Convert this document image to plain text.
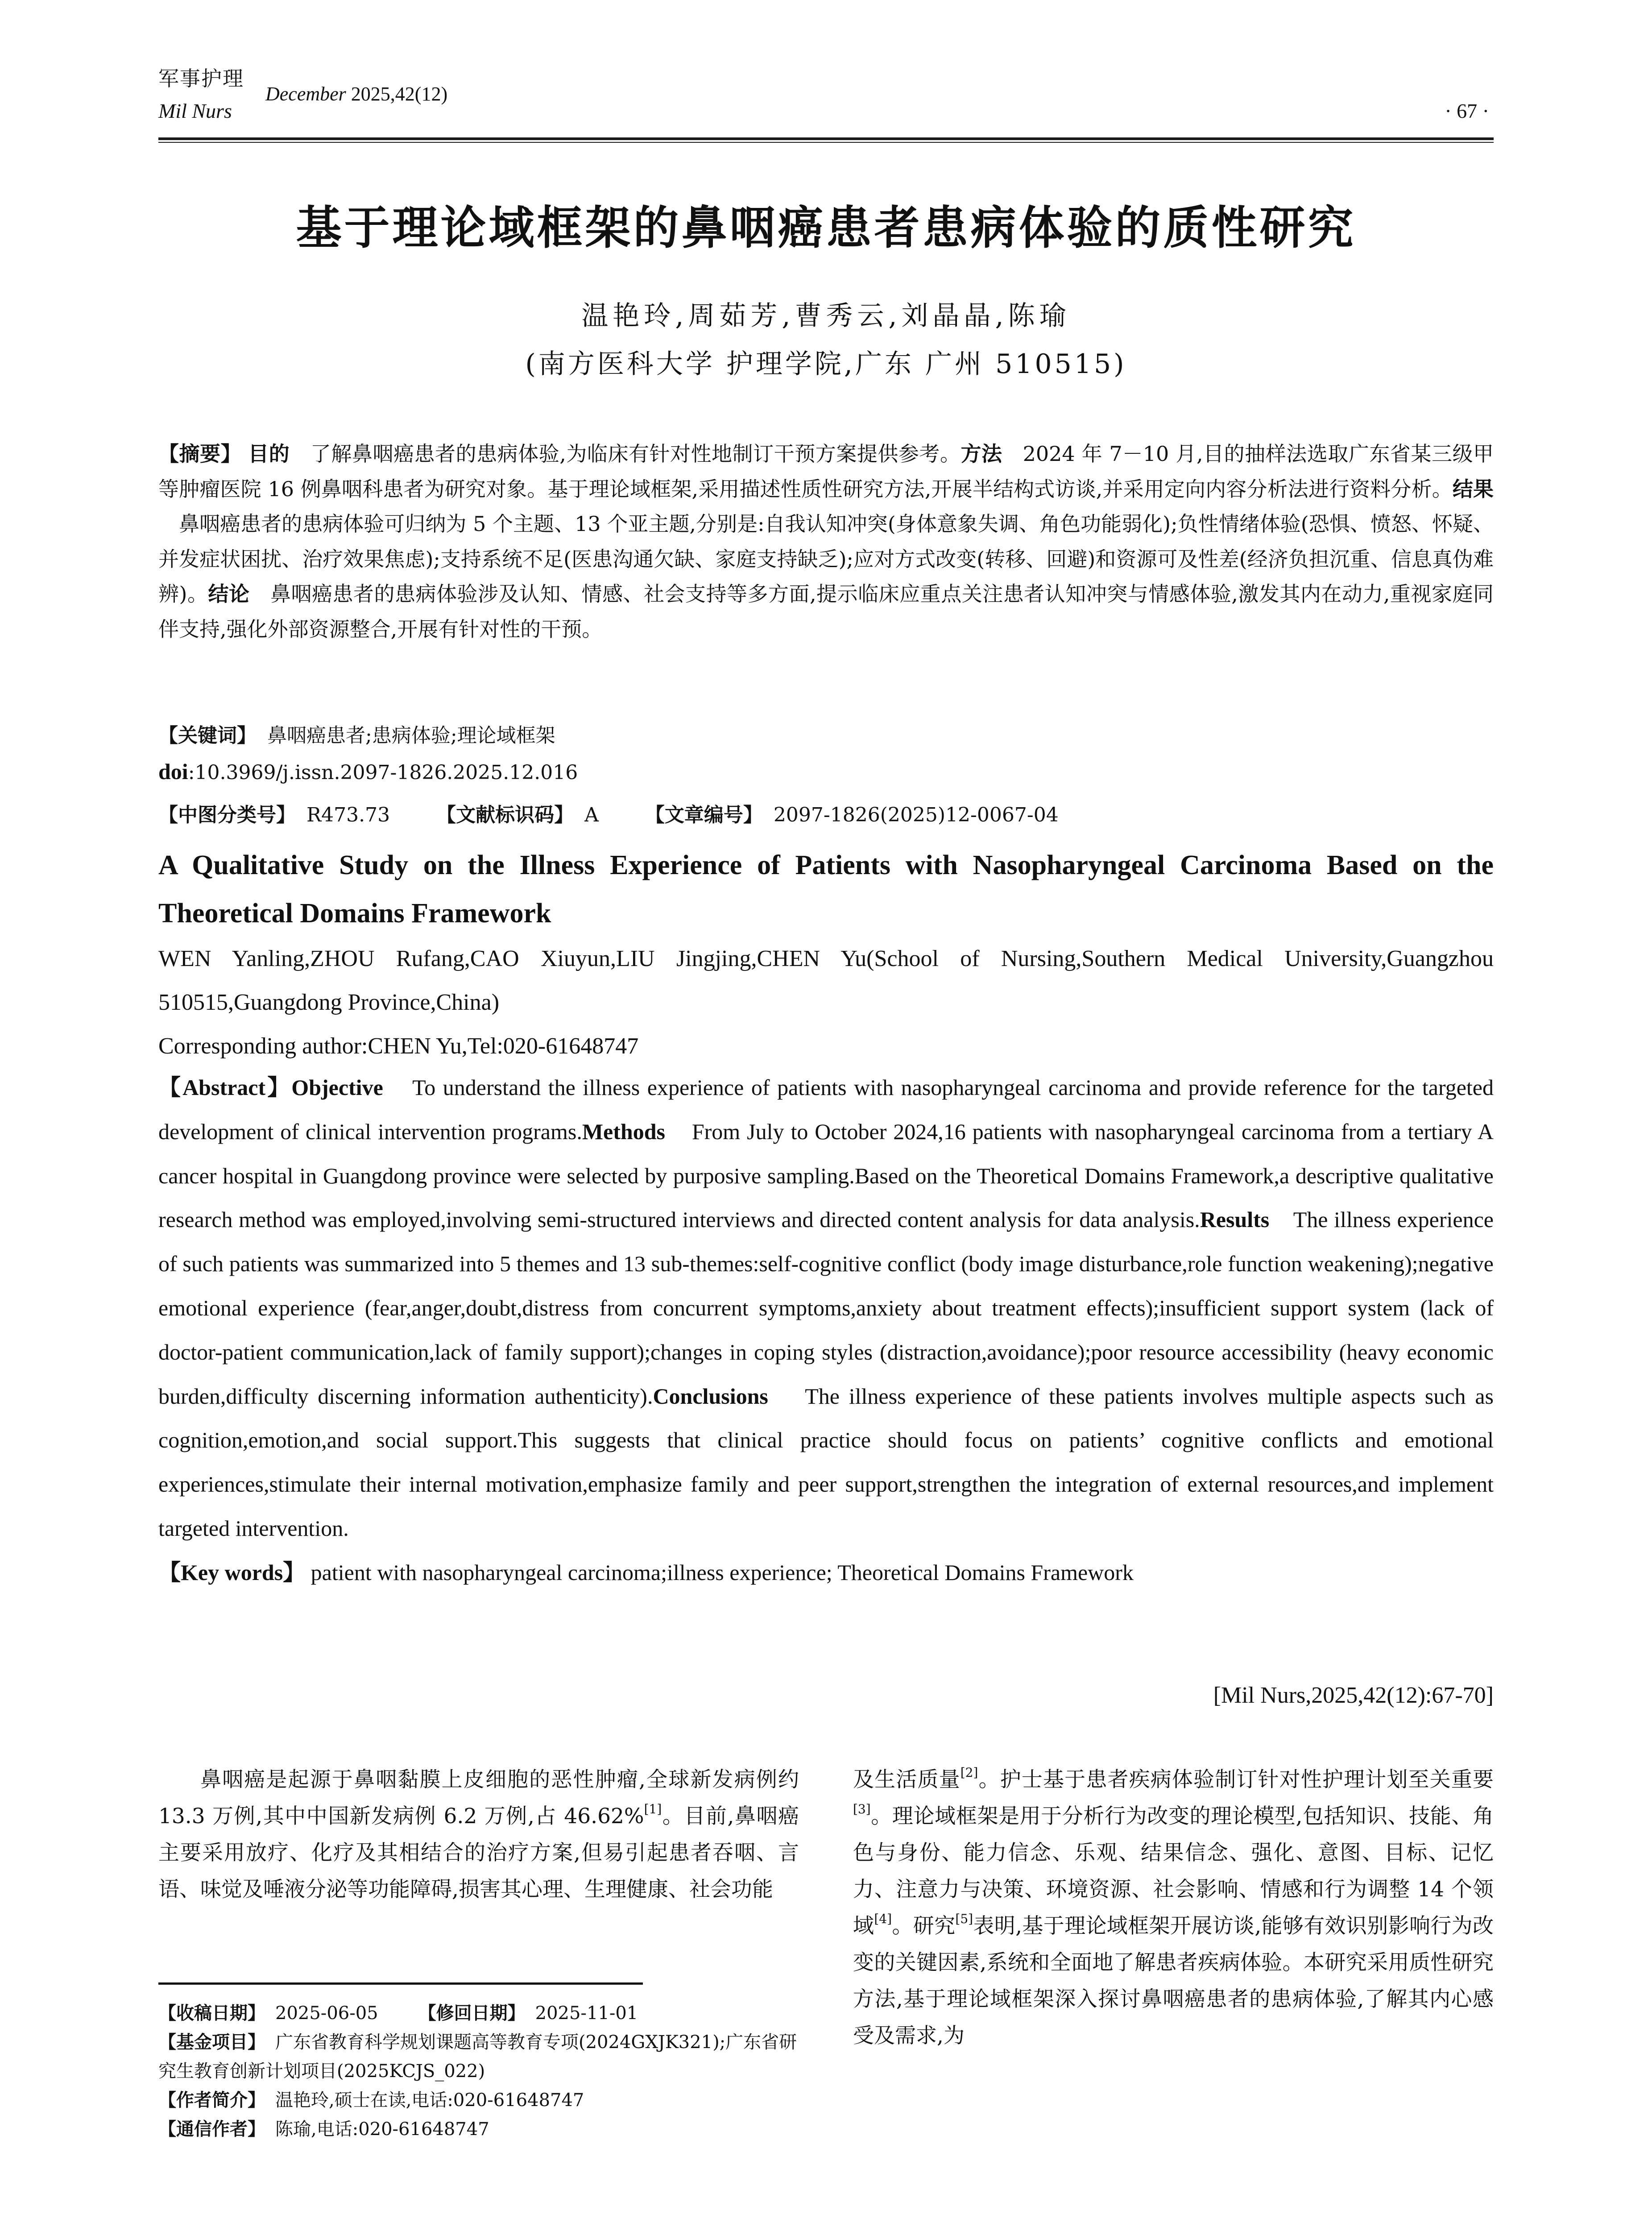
军事护理
December 2025,42(12)
Mil Nurs	· 67 ·
基于理论域框架的鼻咽癌患者患病体验的质性研究
温艳玲,周茹芳,曹秀云,刘晶晶,陈瑜
(南方医科大学 护理学院,广东 广州 510515)
【摘要】 目的 了解鼻咽癌患者的患病体验,为临床有针对性地制订干预方案提供参考。方法 2024 年 7－10 月,目的抽样法选取广东省某三级甲等肿瘤医院 16 例鼻咽科患者为研究对象。基于理论域框架,采用描述性质性研究方法,开展半结构式访谈,并采用定向内容分析法进行资料分析。结果鼻咽癌患者的患病体验可归纳为 5 个主题、13 个亚主题,分别是:自我认知冲突(身体意象失调、角色功能弱化);负性情绪体验(恐惧、愤怒、怀疑、并发症状困扰、治疗效果焦虑);支持系统不足(医患沟通欠缺、家庭支持缺乏);应对方式改变(转移、回避)和资源可及性差(经济负担沉重、信息真伪难辨)。结论 鼻咽癌患者的患病体验涉及认知、情感、社会支持等多方面,提示临床应重点关注患者认知冲突与情感体验,激发其内在动力,重视家庭同伴支持,强化外部资源整合,开展有针对性的干预。
【关键词】 鼻咽癌患者;患病体验;理论域框架
doi:10.3969/j.issn.2097-1826.2025.12.016
【中图分类号】 R473.73 【文献标识码】 A 【文章编号】 2097-1826(2025)12-0067-04
A Qualitative Study on the Illness Experience of Patients with Nasopharyngeal Carcinoma Based on the Theoretical Domains Framework
WEN Yanling,ZHOU Rufang,CAO Xiuyun,LIU Jingjing,CHEN Yu(School of Nursing,Southern Medical University,Guangzhou 510515,Guangdong Province,China)
Corresponding author:CHEN Yu,Tel:020-61648747
【Abstract】Objective To understand the illness experience of patients with nasopharyngeal carcinoma and provide reference for the targeted development of clinical intervention programs.Methods From July to October 2024,16 patients with nasopharyngeal carcinoma from a tertiary A cancer hospital in Guangdong province were selected by purposive sampling.Based on the Theoretical Domains Framework,a descriptive qualitative research method was employed,involving semi-structured interviews and directed content analysis for data analysis.Results The illness experience of such patients was summarized into 5 themes and 13 sub-themes:self-cognitive conflict (body image disturbance,role function weakening);negative emotional experience (fear,anger,doubt,distress from concurrent symptoms,anxiety about treatment effects);insufficient support system (lack of doctor-patient communication,lack of family support);changes in coping styles (distraction,avoidance);poor resource accessibility (heavy economic burden,difficulty discerning information authenticity).Conclusions The illness experience of these patients involves multiple aspects such as cognition,emotion,and social support.This suggests that clinical practice should focus on patients’ cognitive conflicts and emotional experiences,stimulate their internal motivation,emphasize family and peer support,strengthen the integration of external resources,and implement targeted intervention.
【Key words】 patient with nasopharyngeal carcinoma;illness experience; Theoretical Domains Framework
[Mil Nurs,2025,42(12):67-70]

鼻咽癌是起源于鼻咽黏膜上皮细胞的恶性肿瘤,全球新发病例约 13.3 万例,其中中国新发病例 6.2 万例,占 46.62%[1]。目前,鼻咽癌主要采用放疗、化疗及其相结合的治疗方案,但易引起患者吞咽、言语、味觉及唾液分泌等功能障碍,损害其心理、生理健康、社会功能

【收稿日期】 2025-06-05 【修回日期】 2025-11-01
【基金项目】 广东省教育科学规划课题高等教育专项(2024GXJK321);广东省研究生教育创新计划项目(2025KCJS_022)
【作者简介】 温艳玲,硕士在读,电话:020-61648747
【通信作者】 陈瑜,电话:020-61648747

及生活质量[2]。护士基于患者疾病体验制订针对性护理计划至关重要[3]。理论域框架是用于分析行为改变的理论模型,包括知识、技能、角色与身份、能力信念、乐观、结果信念、强化、意图、目标、记忆力、注意力与决策、环境资源、社会影响、情感和行为调整 14 个领域[4]。研究[5]表明,基于理论域框架开展访谈,能够有效识别影响行为改变的关键因素,系统和全面地了解患者疾病体验。本研究采用质性研究方法,基于理论域框架深入探讨鼻咽癌患者的患病体验,了解其内心感受及需求,为
